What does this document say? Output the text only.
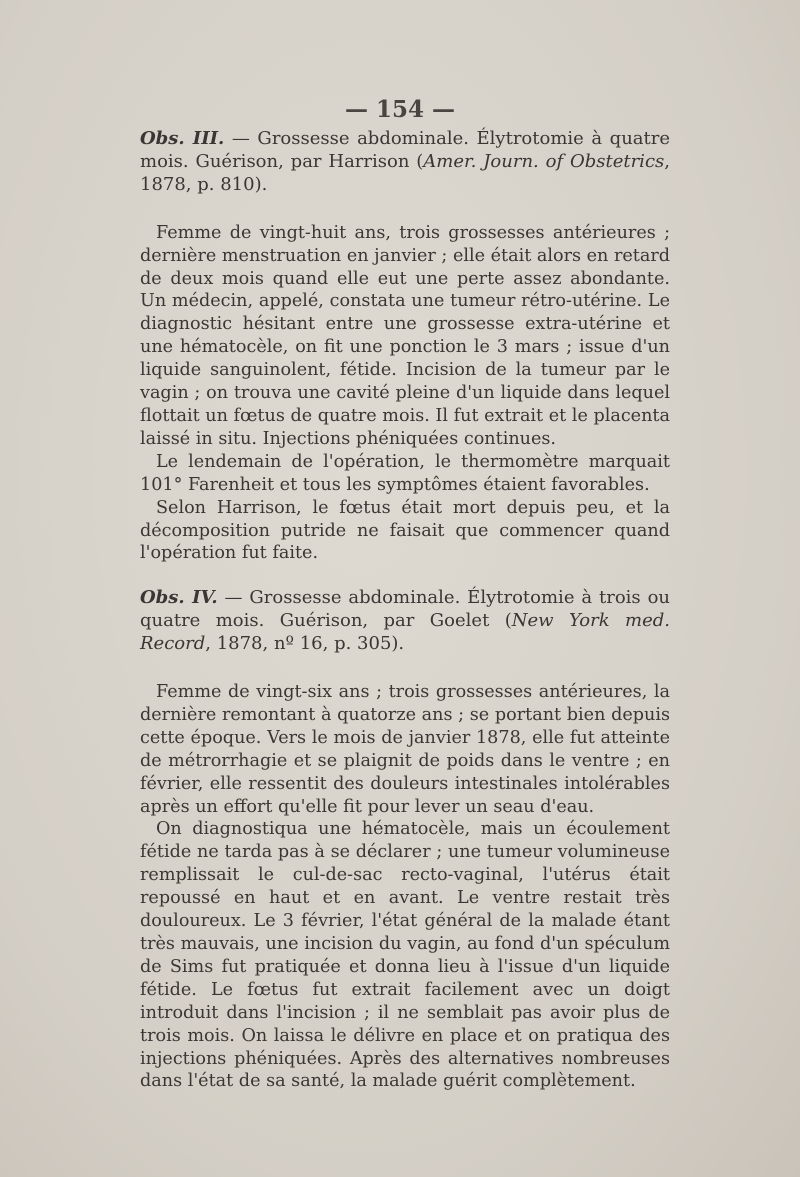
— 154 —

Obs. III. — Grossesse abdominale. Élytrotomie à quatre mois. Guérison, par Harrison (Amer. Journ. of Obstetrics, 1878, p. 810).

Femme de vingt-huit ans, trois grossesses antérieures ; dernière menstruation en janvier ; elle était alors en retard de deux mois quand elle eut une perte assez abondante. Un médecin, appelé, constata une tumeur rétro-utérine. Le diagnostic hésitant entre une grossesse extra-utérine et une hématocèle, on fit une ponction le 3 mars ; issue d'un liquide sanguinolent, fétide. Incision de la tumeur par le vagin ; on trouva une cavité pleine d'un liquide dans lequel flottait un fœtus de quatre mois. Il fut extrait et le placenta laissé in situ. Injections phéniquées continues.

Le lendemain de l'opération, le thermomètre marquait 101° Farenheit et tous les symptômes étaient favorables.

Selon Harrison, le fœtus était mort depuis peu, et la décomposition putride ne faisait que commencer quand l'opération fut faite.

Obs. IV. — Grossesse abdominale. Élytrotomie à trois ou quatre mois. Guérison, par Goelet (New York med. Record, 1878, nº 16, p. 305).

Femme de vingt-six ans ; trois grossesses antérieures, la dernière remontant à quatorze ans ; se portant bien depuis cette époque. Vers le mois de janvier 1878, elle fut atteinte de métrorrhagie et se plaignit de poids dans le ventre ; en février, elle ressentit des douleurs intestinales intolérables après un effort qu'elle fit pour lever un seau d'eau.

On diagnostiqua une hématocèle, mais un écoulement fétide ne tarda pas à se déclarer ; une tumeur volumineuse remplissait le cul-de-sac recto-vaginal, l'utérus était repoussé en haut et en avant. Le ventre restait très douloureux. Le 3 février, l'état général de la malade étant très mauvais, une incision du vagin, au fond d'un spéculum de Sims fut pratiquée et donna lieu à l'issue d'un liquide fétide. Le fœtus fut extrait facilement avec un doigt introduit dans l'incision ; il ne semblait pas avoir plus de trois mois. On laissa le délivre en place et on pratiqua des injections phéniquées. Après des alternatives nombreuses dans l'état de sa santé, la malade guérit complètement.
